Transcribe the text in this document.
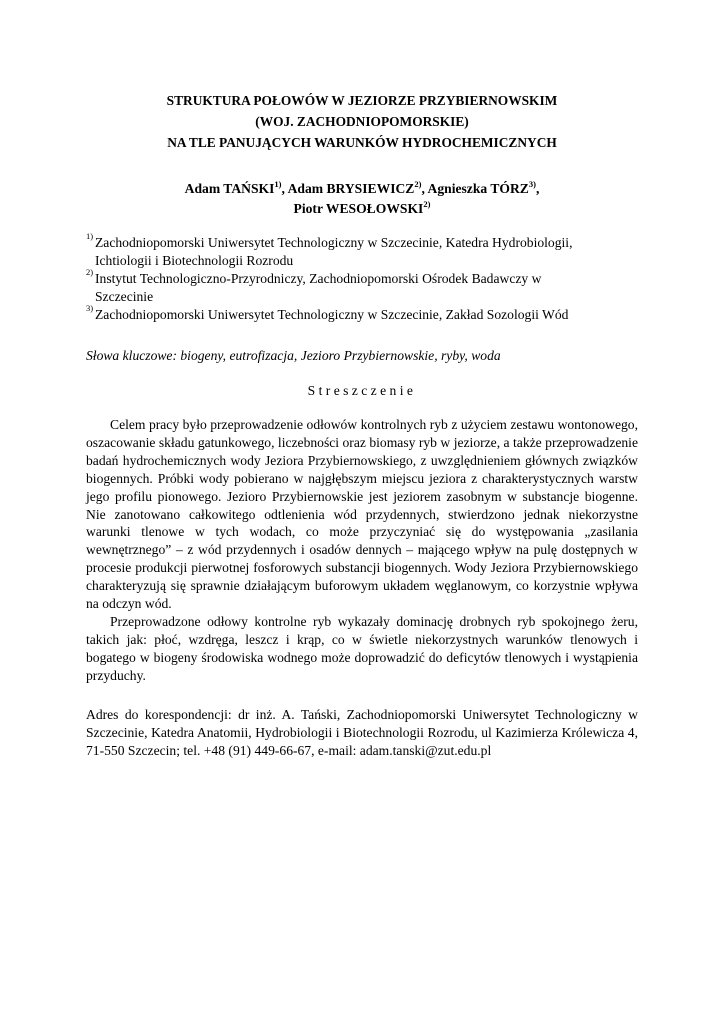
STRUKTURA POŁOWÓW W JEZIORZE PRZYBIERNOWSKIM
(WOJ. ZACHODNIOPOMORSKIE)
NA TLE PANUJĄCYCH WARUNKÓW HYDROCHEMICZNYCH
Adam TAŃSKI$^{1)}$, Adam BRYSIEWICZ$^{2)}$, Agnieszka TÓRZ$^{3)}$,
Piotr WESOŁOWSKI$^{2)}$
1) Zachodniopomorski Uniwersytet Technologiczny w Szczecinie, Katedra Hydrobiologii,
Ichtiologii i Biotechnologii Rozrodu
2) Instytut Technologiczno-Przyrodniczy, Zachodniopomorski Ośrodek Badawczy w
Szczecinie
3) Zachodniopomorski Uniwersytet Technologiczny w Szczecinie, Zakład Sozologii Wód
Słowa kluczowe: biogeny, eutrofizacja, Jezioro Przybiernowskie, ryby, woda
Streszczenie

Celem pracy było przeprowadzenie odłowów kontrolnych ryb z użyciem zestawu wontonowego, oszacowanie składu gatunkowego, liczebności oraz biomasy ryb w jeziorze, a także przeprowadzenie badań hydrochemicznych wody Jeziora Przybiernowskiego, z uwzględnieniem głównych związków biogennych. Próbki wody pobierano w najgłębszym miejscu jeziora z charakterystycznych warstw jego profilu pionowego. Jezioro Przybiernowskie jest jeziorem zasobnym w substancje biogenne. Nie zanotowano całkowitego odtlenienia wód przydennych, stwierdzono jednak niekorzystne warunki tlenowe w tych wodach, co może przyczyniać się do występowania „zasilania wewnętrznego” – z wód przydennych i osadów dennych – mającego wpływ na pulę dostępnych w procesie produkcji pierwotnej fosforowych substancji biogennych. Wody Jeziora Przybiernowskiego charakteryzują się sprawnie działającym buforowym układem węglanowym, co korzystnie wpływa na odczyn wód.

Przeprowadzone odłowy kontrolne ryb wykazały dominację drobnych ryb spokojnego żeru, takich jak: płoć, wzdręga, leszcz i krąp, co w świetle niekorzystnych warunków tlenowych i bogatego w biogeny środowiska wodnego może doprowadzić do deficytów tlenowych i wystąpienia przyduchy.

Adres do korespondencji: dr inż. A. Tański, Zachodniopomorski Uniwersytet Technologiczny w Szczecinie, Katedra Anatomii, Hydrobiologii i Biotechnologii Rozrodu, ul Kazimierza Królewicza 4, 71-550 Szczecin; tel. +48 (91) 449-66-67, e-mail: adam.tanski@zut.edu.pl
